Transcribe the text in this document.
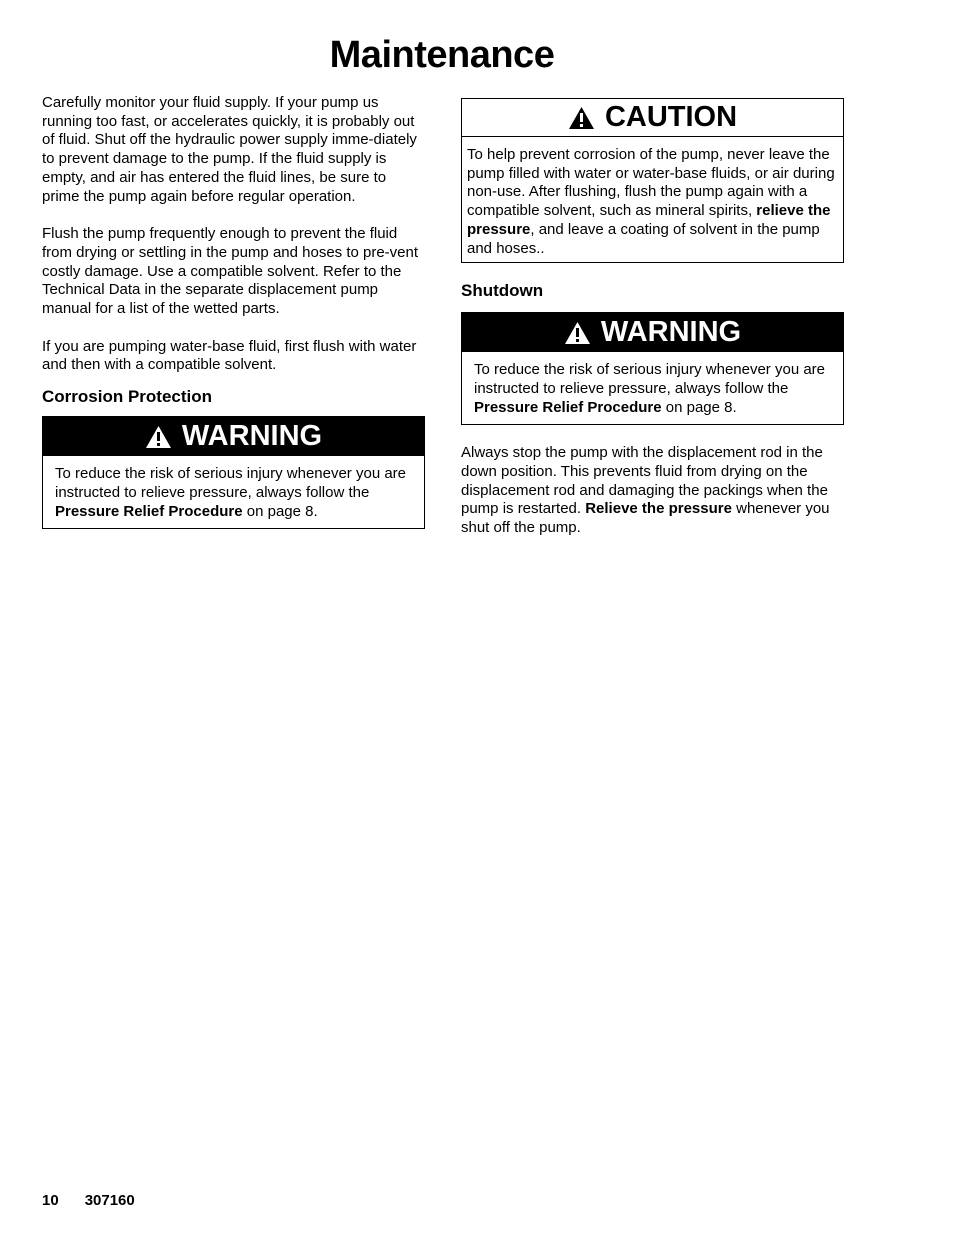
Maintenance

Carefully monitor your fluid supply. If your pump us running too fast, or accelerates quickly, it is probably out of fluid. Shut off the hydraulic power supply imme-diately to prevent damage to the pump. If the fluid supply is empty, and air has entered the fluid lines, be sure to prime the pump again before regular operation.

Flush the pump frequently enough to prevent the fluid from drying or settling in the pump and hoses to pre-vent costly damage. Use a compatible solvent. Refer to the Technical Data in the separate displacement pump manual for a list of the wetted parts.

If you are pumping water-base fluid, first flush with water and then with a compatible solvent.

Corrosion Protection
WARNING
To reduce the risk of serious injury whenever you are instructed to relieve pressure, always follow the Pressure Relief Procedure on page 8.
CAUTION
To help prevent corrosion of the pump, never leave the pump filled with water or water-base fluids, or air during non-use. After flushing, flush the pump again with a compatible solvent, such as mineral spirits, relieve the pressure, and leave a coating of solvent in the pump and hoses..
Shutdown
WARNING
To reduce the risk of serious injury whenever you are instructed to relieve pressure, always follow the Pressure Relief Procedure on page 8.

Always stop the pump with the displacement rod in the down position. This prevents fluid from drying on the displacement rod and damaging the packings when the pump is restarted. Relieve the pressure whenever you shut off the pump.

10 307160
